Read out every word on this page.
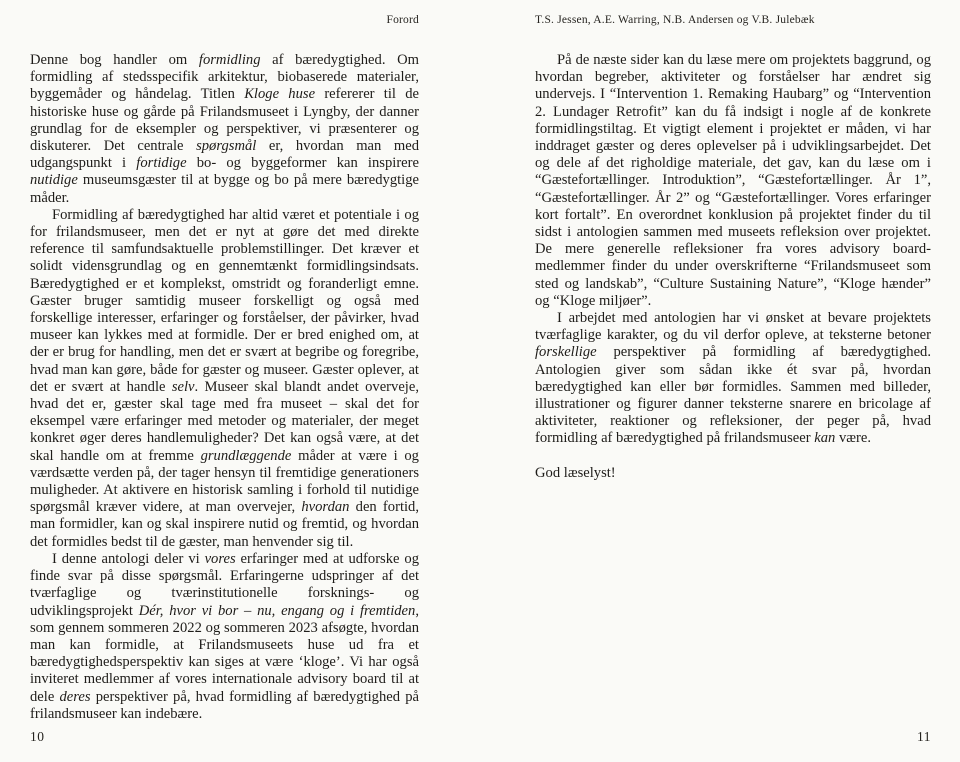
Forord	T.S. Jessen, A.E. Warring, N.B. Andersen og V.B. Julebæk

Denne bog handler om formidling af bæredygtighed. Om formidling af stedsspecifik arkitektur, biobaserede materialer, byggemåder og håndelag. Titlen Kloge huse refererer til de historiske huse og gårde på Frilandsmuseet i Lyngby, der danner grundlag for de eksempler og perspektiver, vi præsenterer og diskuterer. Det centrale spørgsmål er, hvordan man med udgangspunkt i fortidige bo- og byggeformer kan inspirere nutidige museumsgæster til at bygge og bo på mere bæredygtige måder.

Formidling af bæredygtighed har altid været et potentiale i og for frilandsmuseer, men det er nyt at gøre det med direkte reference til samfundsaktuelle problemstillinger. Det kræver et solidt vidensgrundlag og en gennemtænkt formidlingsindsats. Bæredygtighed er et komplekst, omstridt og foranderligt emne. Gæster bruger samtidig museer forskelligt og også med forskellige interesser, erfaringer og forståelser, der påvirker, hvad museer kan lykkes med at formidle. Der er bred enighed om, at der er brug for handling, men det er svært at begribe og foregribe, hvad man kan gøre, både for gæster og museer. Gæster oplever, at det er svært at handle selv. Museer skal blandt andet overveje, hvad det er, gæster skal tage med fra museet – skal det for eksempel være erfaringer med metoder og materialer, der meget konkret øger deres handlemuligheder? Det kan også være, at det skal handle om at fremme grundlæggende måder at være i og værdsætte verden på, der tager hensyn til fremtidige generationers muligheder. At aktivere en historisk samling i forhold til nutidige spørgsmål kræver videre, at man overvejer, hvordan den fortid, man formidler, kan og skal inspirere nutid og fremtid, og hvordan det formidles bedst til de gæster, man henvender sig til.

I denne antologi deler vi vores erfaringer med at udforske og finde svar på disse spørgsmål. Erfaringerne udspringer af det tværfaglige og tværinstitutionelle forsknings- og udviklingsprojekt Dér, hvor vi bor – nu, engang og i fremtiden, som gennem sommeren 2022 og sommeren 2023 afsøgte, hvordan man kan formidle, at Frilandsmuseets huse ud fra et bæredygtighedsperspektiv kan siges at være ‘kloge’. Vi har også inviteret medlemmer af vores internationale advisory board til at dele deres perspektiver på, hvad formidling af bæredygtighed på frilandsmuseer kan indebære.

På de næste sider kan du læse mere om projektets baggrund, og hvordan begreber, aktiviteter og forståelser har ændret sig undervejs. I “Intervention 1. Remaking Haubarg” og “Intervention 2. Lundager Retrofit” kan du få indsigt i nogle af de konkrete formidlingstiltag. Et vigtigt element i projektet er måden, vi har inddraget gæster og deres oplevelser på i udviklingsarbejdet. Det og dele af det righoldige materiale, det gav, kan du læse om i “Gæstefortællinger. Introduktion”, “Gæstefortællinger. År 1”, “Gæstefortællinger. År 2” og “Gæstefortællinger. Vores erfaringer kort fortalt”. En overordnet konklusion på projektet finder du til sidst i antologien sammen med museets refleksion over projektet. De mere generelle refleksioner fra vores advisory board-medlemmer finder du under overskrifterne “Frilandsmuseet som sted og landskab”, “Culture Sustaining Nature”, “Kloge hænder” og “Kloge miljøer”.

I arbejdet med antologien har vi ønsket at bevare projektets tværfaglige karakter, og du vil derfor opleve, at teksterne betoner forskellige perspektiver på formidling af bæredygtighed. Antologien giver som sådan ikke ét svar på, hvordan bæredygtighed kan eller bør formidles. Sammen med billeder, illustrationer og figurer danner teksterne snarere en bricolage af aktiviteter, reaktioner og refleksioner, der peger på, hvad formidling af bæredygtighed på frilandsmuseer kan være.

God læselyst!

10	11
